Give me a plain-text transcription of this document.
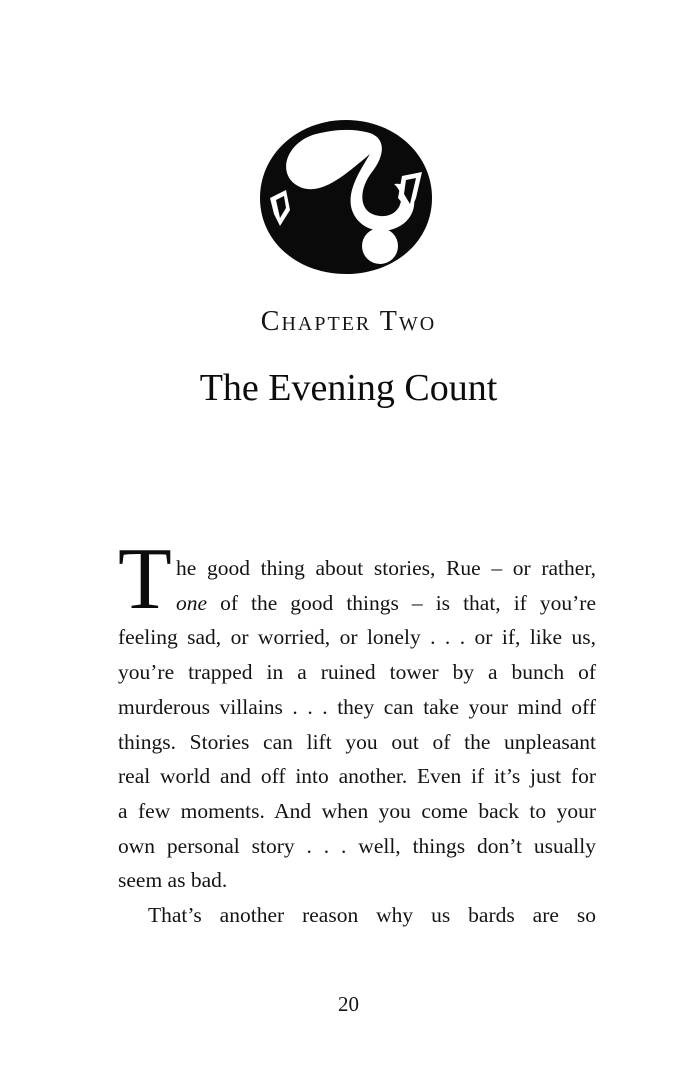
Chapter Two
The Evening Count
T he good thing about stories, Rue – or rather,
one of the good things – is that, if you’re
feeling sad, or worried, or lonely . . . or if, like us,
you’re trapped in a ruined tower by a bunch of
murderous villains . . . they can take your mind off
things. Stories can lift you out of the unpleasant
real world and off into another. Even if it’s just for
a few moments. And when you come back to your
own personal story . . . well, things don’t usually
seem as bad.
That’s another reason why us bards are so
20
